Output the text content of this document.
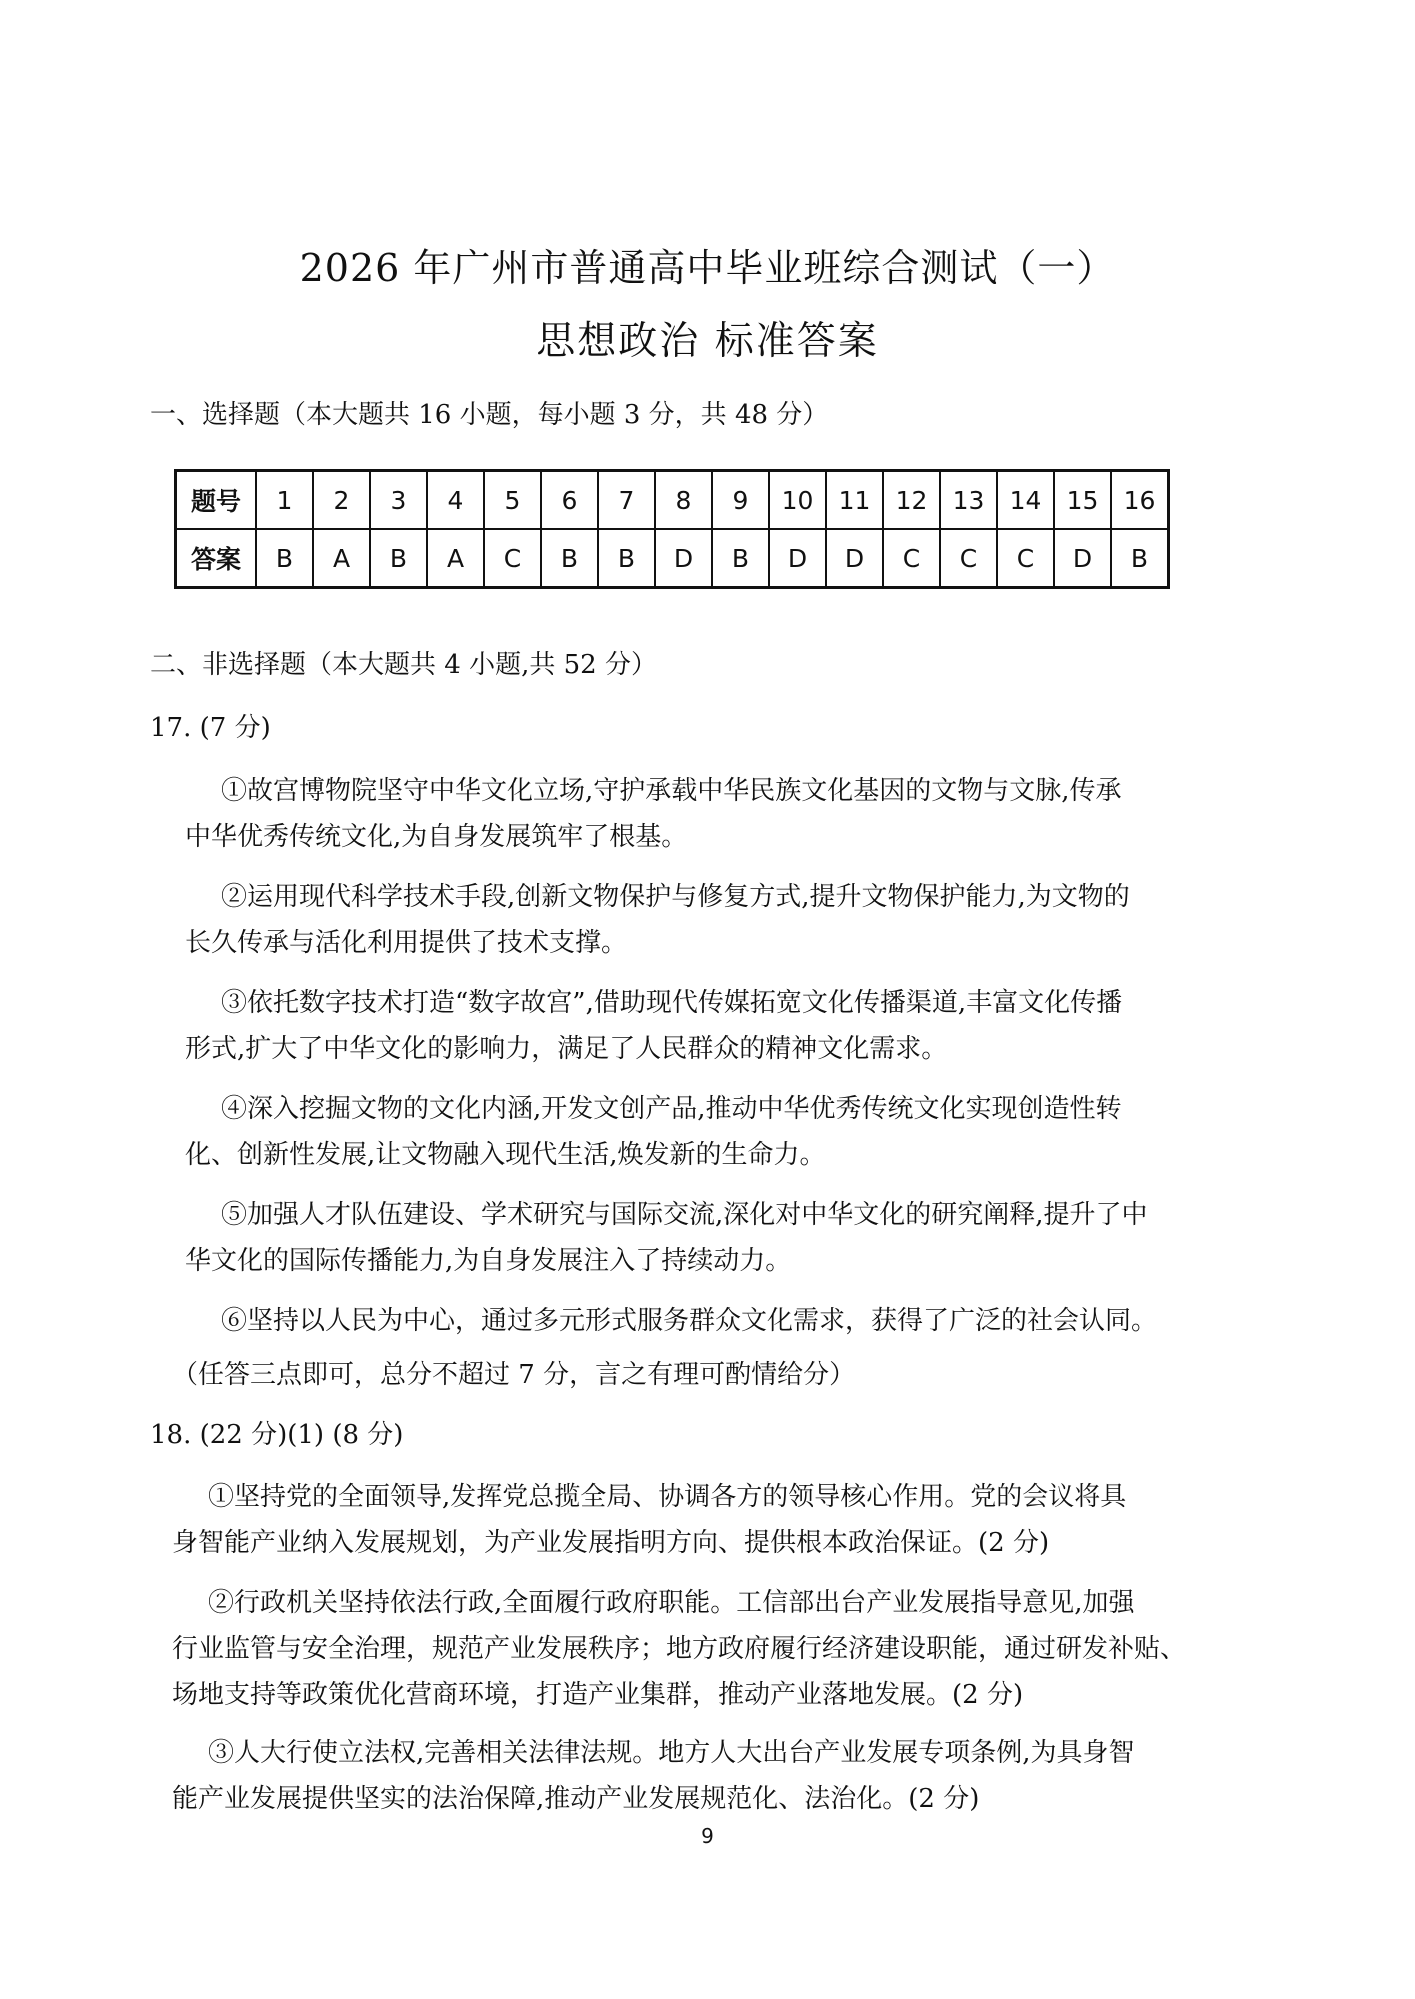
2026 年广州市普通高中毕业班综合测试（一）
思想政治 标准答案
一、选择题（本大题共 16 小题，每小题 3 分，共 48 分）
题号	1	2	3	4	5	6	7	8	9	10	11	12	13	14	15	16
答案	B	A	B	A	C	B	B	D	B	D	D	C	C	C	D	B
二、非选择题（本大题共 4 小题,共 52 分）
17. (7 分)
①故宫博物院坚守中华文化立场,守护承载中华民族文化基因的文物与文脉,传承
中华优秀传统文化,为自身发展筑牢了根基。
②运用现代科学技术手段,创新文物保护与修复方式,提升文物保护能力,为文物的
长久传承与活化利用提供了技术支撑。
③依托数字技术打造“数字故宫”,借助现代传媒拓宽文化传播渠道,丰富文化传播
形式,扩大了中华文化的影响力，满足了人民群众的精神文化需求。
④深入挖掘文物的文化内涵,开发文创产品,推动中华优秀传统文化实现创造性转
化、创新性发展,让文物融入现代生活,焕发新的生命力。
⑤加强人才队伍建设、学术研究与国际交流,深化对中华文化的研究阐释,提升了中
华文化的国际传播能力,为自身发展注入了持续动力。
⑥坚持以人民为中心，通过多元形式服务群众文化需求，获得了广泛的社会认同。
（任答三点即可，总分不超过 7 分，言之有理可酌情给分）
18. (22 分)(1) (8 分)
①坚持党的全面领导,发挥党总揽全局、协调各方的领导核心作用。党的会议将具
身智能产业纳入发展规划，为产业发展指明方向、提供根本政治保证。(2 分)
②行政机关坚持依法行政,全面履行政府职能。工信部出台产业发展指导意见,加强
行业监管与安全治理，规范产业发展秩序；地方政府履行经济建设职能，通过研发补贴、
场地支持等政策优化营商环境，打造产业集群，推动产业落地发展。(2 分)
③人大行使立法权,完善相关法律法规。地方人大出台产业发展专项条例,为具身智
能产业发展提供坚实的法治保障,推动产业发展规范化、法治化。(2 分)
9
